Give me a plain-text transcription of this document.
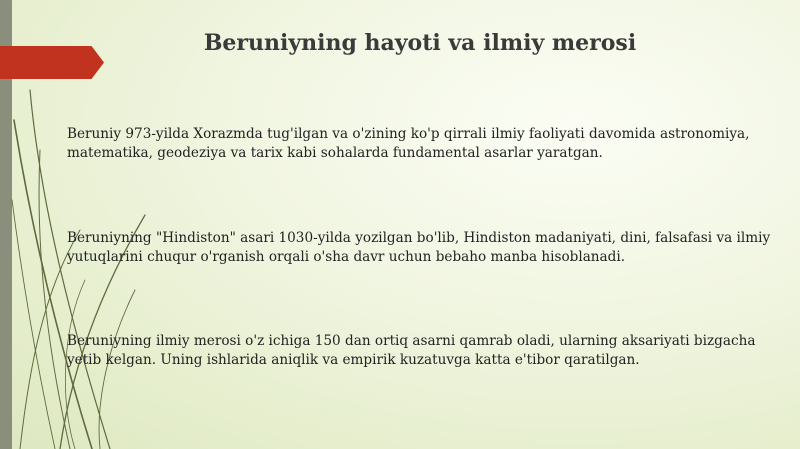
Beruniyning hayoti va ilmiy merosi

Beruniy 973-yilda Xorazmda tug'ilgan va o'zining ko'p qirrali ilmiy faoliyati davomida astronomiya, matematika, geodeziya va tarix kabi sohalarda fundamental asarlar yaratgan.

Beruniyning "Hindiston" asari 1030-yilda yozilgan bo'lib, Hindiston madaniyati, dini, falsafasi va ilmiy yutuqlarini chuqur o'rganish orqali o'sha davr uchun bebaho manba hisoblanadi.

Beruniyning ilmiy merosi o'z ichiga 150 dan ortiq asarni qamrab oladi, ularning aksariyati bizgacha yetib kelgan. Uning ishlarida aniqlik va empirik kuzatuvga katta e'tibor qaratilgan.
